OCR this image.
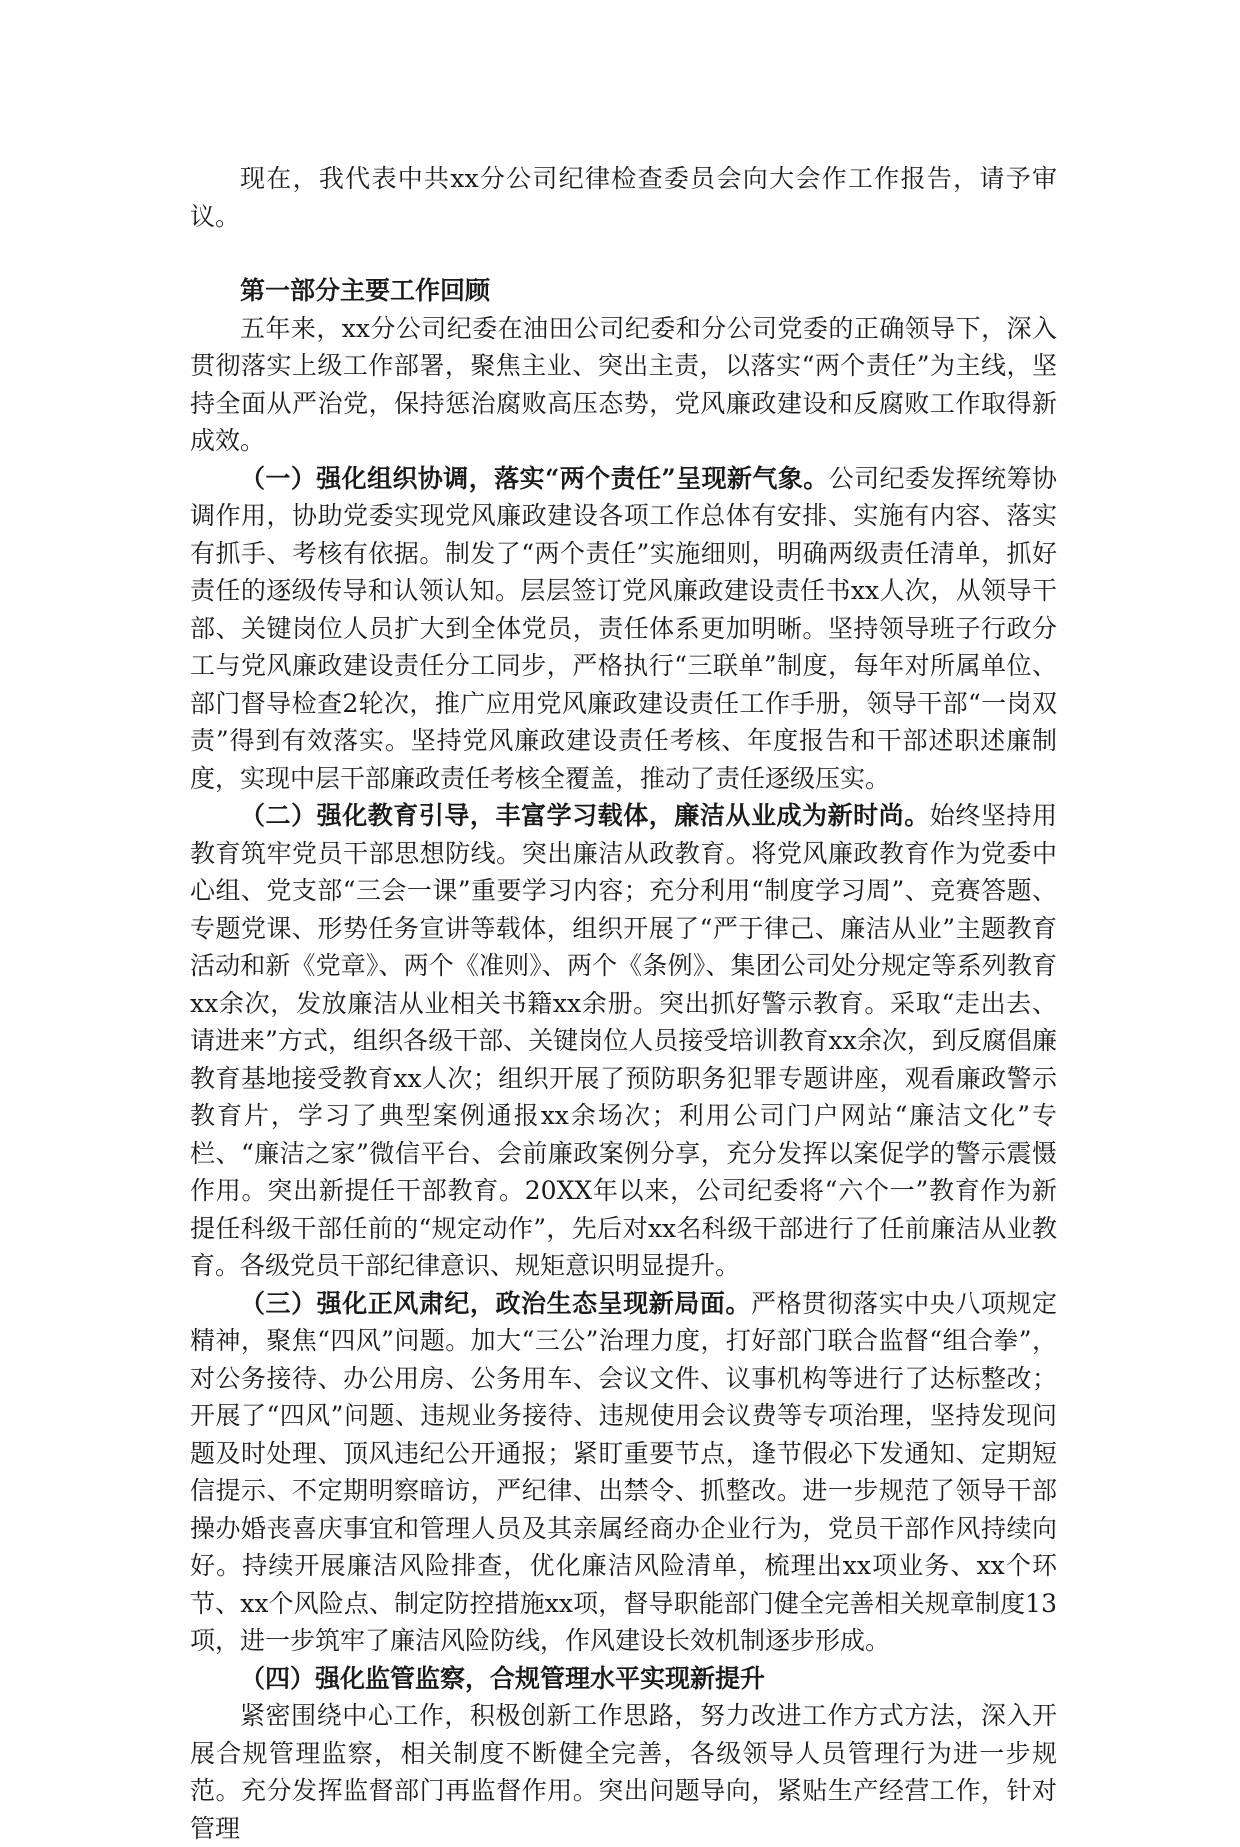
现在，我代表中共xx分公司纪律检查委员会向大会作工作报告，请予审议。

第一部分主要工作回顾

五年来，xx分公司纪委在油田公司纪委和分公司党委的正确领导下，深入贯彻落实上级工作部署，聚焦主业、突出主责，以落实“两个责任”为主线，坚持全面从严治党，保持惩治腐败高压态势，党风廉政建设和反腐败工作取得新成效。

（一）强化组织协调，落实“两个责任”呈现新气象。公司纪委发挥统筹协调作用，协助党委实现党风廉政建设各项工作总体有安排、实施有内容、落实有抓手、考核有依据。制发了“两个责任”实施细则，明确两级责任清单，抓好责任的逐级传导和认领认知。层层签订党风廉政建设责任书xx人次，从领导干部、关键岗位人员扩大到全体党员，责任体系更加明晰。坚持领导班子行政分工与党风廉政建设责任分工同步，严格执行“三联单”制度，每年对所属单位、部门督导检查2轮次，推广应用党风廉政建设责任工作手册，领导干部“一岗双责”得到有效落实。坚持党风廉政建设责任考核、年度报告和干部述职述廉制度，实现中层干部廉政责任考核全覆盖，推动了责任逐级压实。

（二）强化教育引导，丰富学习载体，廉洁从业成为新时尚。始终坚持用教育筑牢党员干部思想防线。突出廉洁从政教育。将党风廉政教育作为党委中心组、党支部“三会一课”重要学习内容；充分利用“制度学习周”、竞赛答题、专题党课、形势任务宣讲等载体，组织开展了“严于律己、廉洁从业”主题教育活动和新《党章》、两个《准则》、两个《条例》、集团公司处分规定等系列教育xx余次，发放廉洁从业相关书籍xx余册。突出抓好警示教育。采取“走出去、请进来”方式，组织各级干部、关键岗位人员接受培训教育xx余次，到反腐倡廉教育基地接受教育xx人次；组织开展了预防职务犯罪专题讲座，观看廉政警示教育片，学习了典型案例通报xx余场次；利用公司门户网站“廉洁文化”专栏、“廉洁之家”微信平台、会前廉政案例分享，充分发挥以案促学的警示震慑作用。突出新提任干部教育。20XX年以来，公司纪委将“六个一”教育作为新提任科级干部任前的“规定动作”，先后对xx名科级干部进行了任前廉洁从业教育。各级党员干部纪律意识、规矩意识明显提升。

（三）强化正风肃纪，政治生态呈现新局面。严格贯彻落实中央八项规定精神，聚焦“四风”问题。加大“三公”治理力度，打好部门联合监督“组合拳”，对公务接待、办公用房、公务用车、会议文件、议事机构等进行了达标整改；开展了“四风”问题、违规业务接待、违规使用会议费等专项治理，坚持发现问题及时处理、顶风违纪公开通报；紧盯重要节点，逢节假必下发通知、定期短信提示、不定期明察暗访，严纪律、出禁令、抓整改。进一步规范了领导干部操办婚丧喜庆事宜和管理人员及其亲属经商办企业行为，党员干部作风持续向好。持续开展廉洁风险排查，优化廉洁风险清单，梳理出xx项业务、xx个环节、xx个风险点、制定防控措施xx项，督导职能部门健全完善相关规章制度13项，进一步筑牢了廉洁风险防线，作风建设长效机制逐步形成。

（四）强化监管监察，合规管理水平实现新提升

紧密围绕中心工作，积极创新工作思路，努力改进工作方式方法，深入开展合规管理监察，相关制度不断健全完善，各级领导人员管理行为进一步规范。充分发挥监督部门再监督作用。突出问题导向，紧贴生产经营工作，针对管理
